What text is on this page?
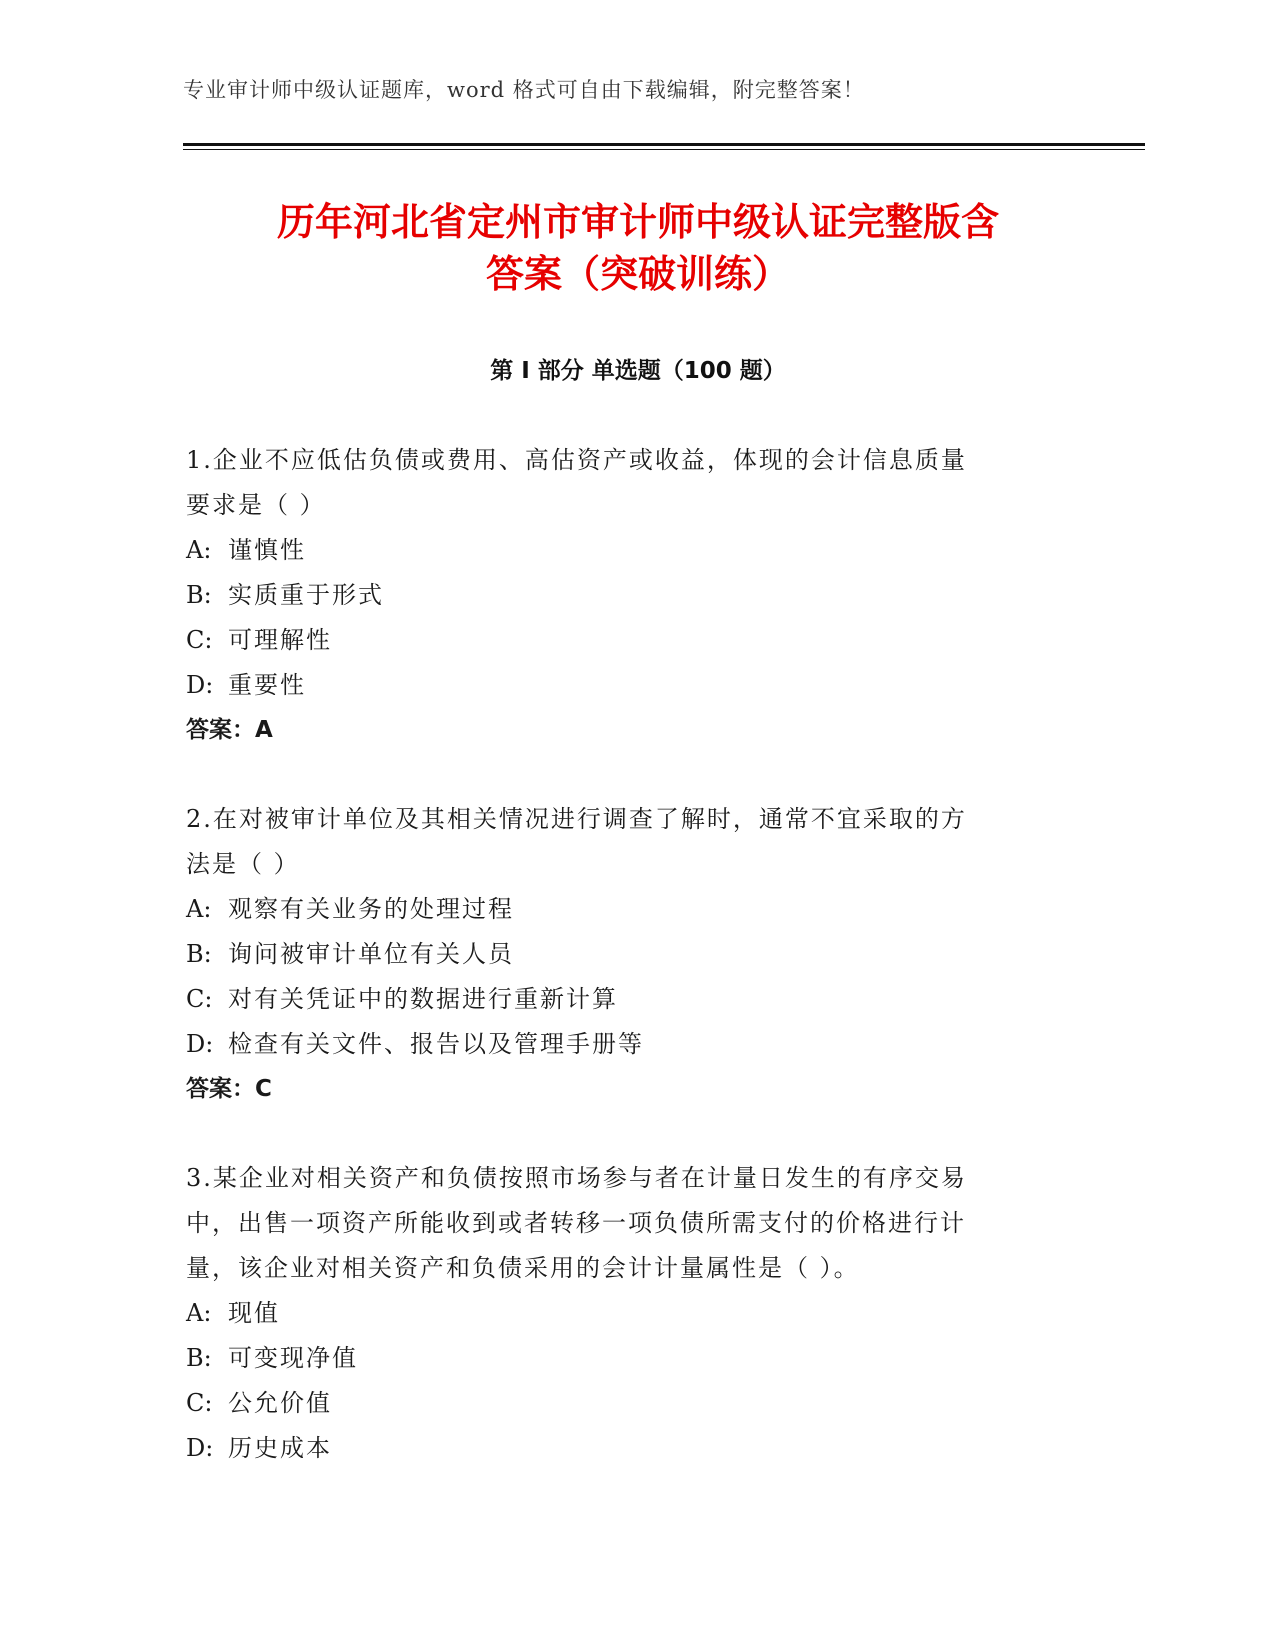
专业审计师中级认证题库，word 格式可自由下载编辑，附完整答案！
历年河北省定州市审计师中级认证完整版含
答案（突破训练）
第 I 部分 单选题（100 题）

1.企业不应低估负债或费用、高估资产或收益，体现的会计信息质量

要求是（ ）

A: 谨慎性

B: 实质重于形式

C: 可理解性

D: 重要性

答案：A

2.在对被审计单位及其相关情况进行调查了解时，通常不宜采取的方

法是（ ）

A: 观察有关业务的处理过程

B: 询问被审计单位有关人员

C: 对有关凭证中的数据进行重新计算

D: 检查有关文件、报告以及管理手册等

答案：C

3.某企业对相关资产和负债按照市场参与者在计量日发生的有序交易

中，出售一项资产所能收到或者转移一项负债所需支付的价格进行计

量，该企业对相关资产和负债采用的会计计量属性是（ ）。

A: 现值

B: 可变现净值

C: 公允价值

D: 历史成本
